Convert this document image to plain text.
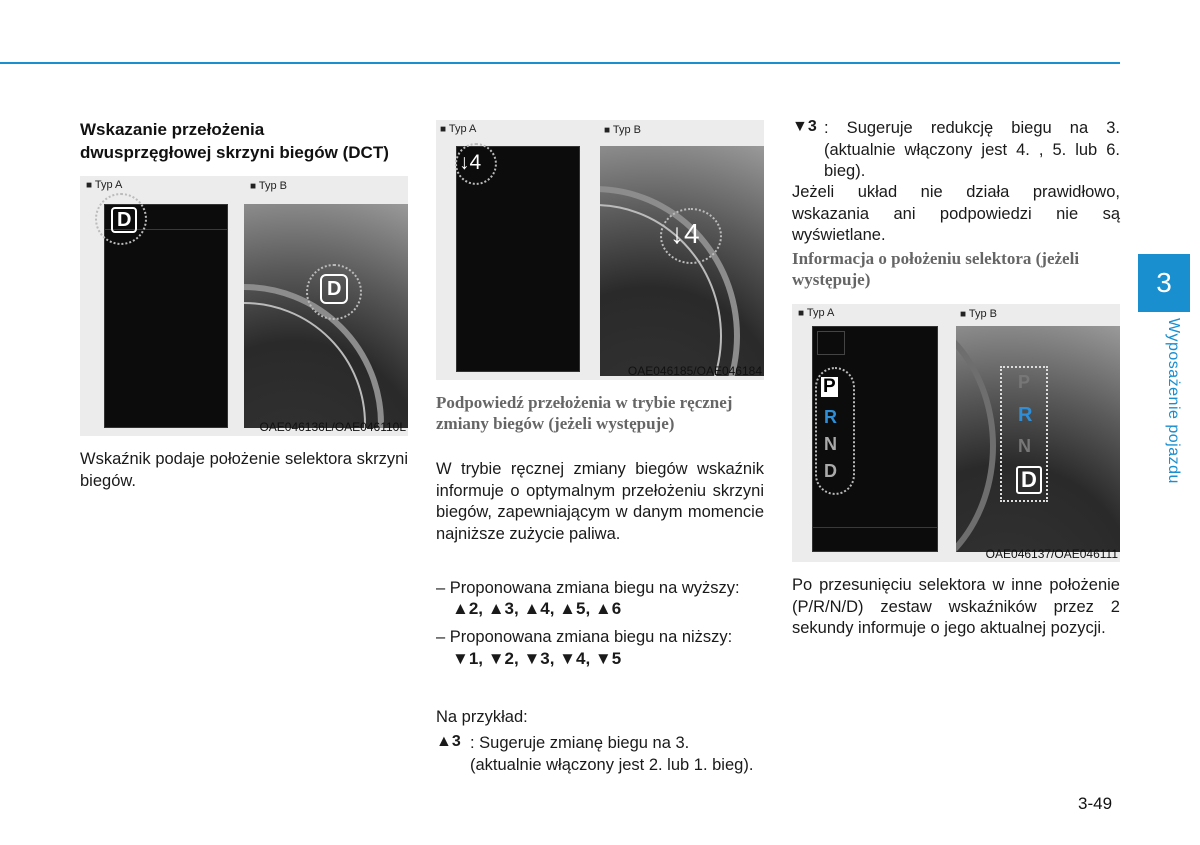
Wskazanie przełożenia
dwusprzęgłowej skrzyni biegów (DCT)
■ Typ A	■ Typ B
D
D
OAE046136L/OAE046110L
Wskaźnik podaje położenie selektora skrzyni biegów.
■ Typ A	■ Typ B
↓4
↓4
OAE046185/OAE046184
Podpowiedź przełożenia w trybie ręcznej zmiany biegów (jeżeli występuje)
W trybie ręcznej zmiany biegów wskaźnik informuje o optymalnym przełożeniu skrzyni biegów, zapewniającym w danym momencie najniższe zużycie paliwa.
– Proponowana zmiana biegu na wyższy:
▲2, ▲3, ▲4, ▲5, ▲6
– Proponowana zmiana biegu na niższy:
▼1, ▼2, ▼3, ▼4, ▼5
Na przykład:
▲3 : Sugeruje zmianę biegu na 3. (aktualnie włączony jest 2. lub 1. bieg).
▼3 : Sugeruje redukcję biegu na 3. (aktualnie włączony jest 4. , 5. lub 6. bieg).
Jeżeli układ nie działa prawidłowo, wskazania ani podpowiedzi nie są wyświetlane.
Informacja o położeniu selektora (jeżeli występuje)
■ Typ A	■ Typ B
P
R
N
D
P
R
N
D
OAE046137/OAE046111
Po przesunięciu selektora w inne położenie (P/R/N/D) zestaw wskaźników przez 2 sekundy informuje o jego aktualnej pozycji.
3
Wyposażenie pojazdu
3-49
